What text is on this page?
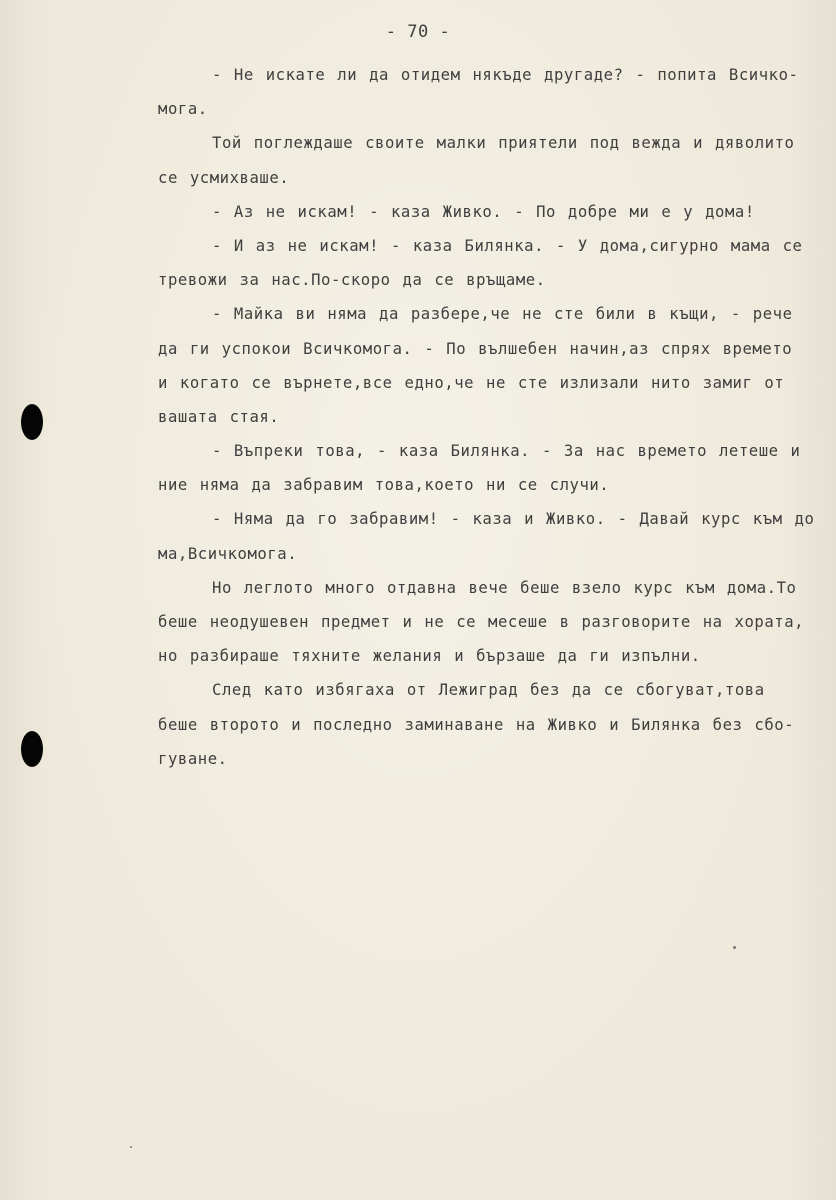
- 70 -
- Не искате ли да отидем някъде другаде? - попита Всичко-
могa.
Той поглеждаше своите малки приятели под вежда и дяволито
се усмихваше.
- Аз не искам! - каза Живко. - По добре ми е у дома!
- И аз не искам! - каза Билянка. - У дома,сигурно мама се
тревожи за нас.По-скоро да се връщаме.
- Майка ви няма да разбере,че не сте били в къщи, - рече
да ги успокои Всичкомога. - По вълшебен начин,аз спрях времето
и когато се върнете,все едно,че не сте излизали нито замиг от
вашата стая.
- Въпреки това, - каза Билянка. - За нас времето летеше и
ние няма да забравим това,което ни се случи.
- Няма да го забравим! - каза и Живко. - Давай курс към до
ма,Всичкомога.
Но леглото много отдавна вече беше взело курс към дома.То
беше неодушевен предмет и не се месеше в разговорите на хората,
но разбираше тяхните желания и бързаше да ги изпълни.
След като избягаха от Лежиград без да се сбогуват,това
беше второто и последно заминаване на Живко и Билянка без сбо-
гуване.
